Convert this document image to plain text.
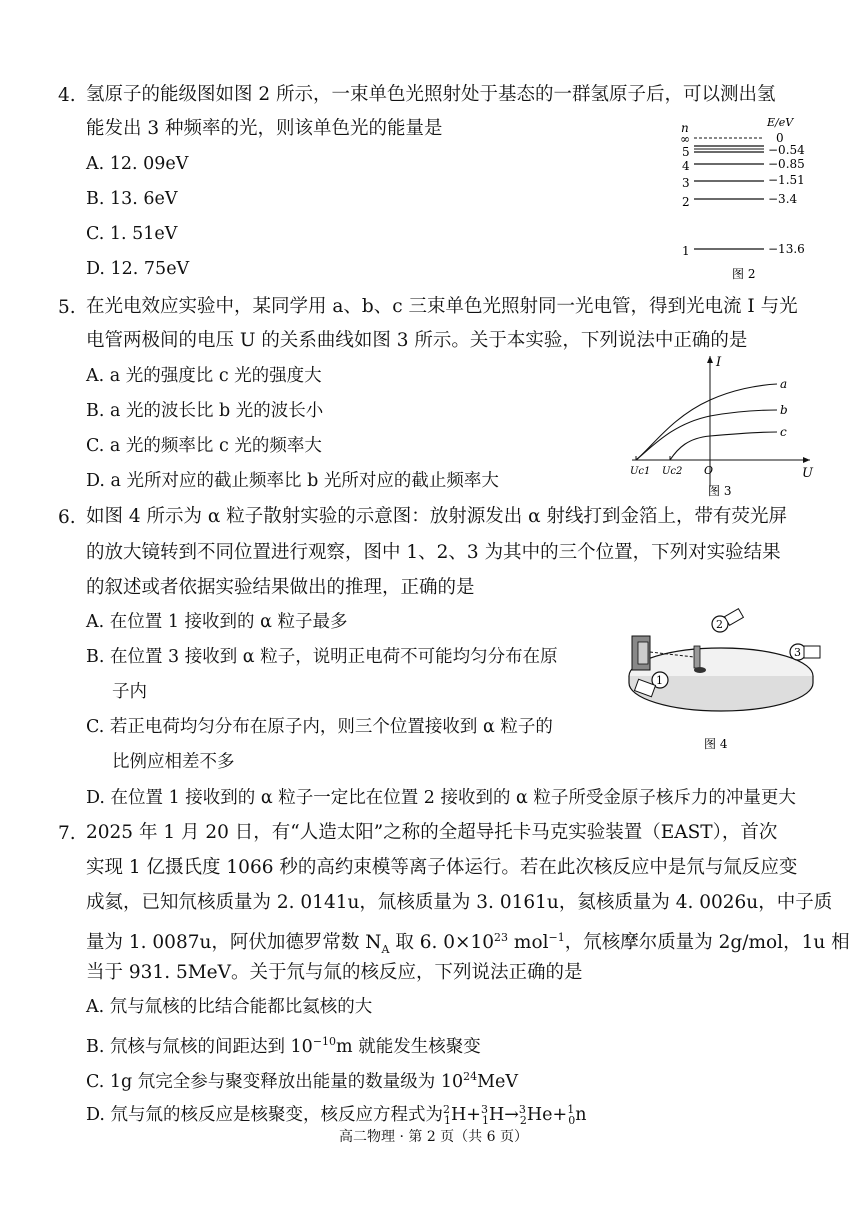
4. 氢原子的能级图如图 2 所示，一束单色光照射处于基态的一群氢原子后，可以测出氢
能发出 3 种频率的光，则该单色光的能量是
A. 12. 09eV
B. 13. 6eV
C. 1. 51eV
D. 12. 75eV
n	E/eV
∞	0
5	−0.54
4	−0.85
3	−1.51
2	−3.4
1	−13.6
图 2
5. 在光电效应实验中，某同学用 a、b、c 三束单色光照射同一光电管，得到光电流 I 与光
电管两极间的电压 U 的关系曲线如图 3 所示。关于本实验，下列说法中正确的是
A. a 光的强度比 c 光的强度大
B. a 光的波长比 b 光的波长小
C. a 光的频率比 c 光的频率大
D. a 光所对应的截止频率比 b 光所对应的截止频率大
I
U
a
b
c
Uc1 Uc2 O
图 3
6. 如图 4 所示为 α 粒子散射实验的示意图：放射源发出 α 射线打到金箔上，带有荧光屏
的放大镜转到不同位置进行观察，图中 1、2、3 为其中的三个位置，下列对实验结果
的叙述或者依据实验结果做出的推理，正确的是
A. 在位置 1 接收到的 α 粒子最多
B. 在位置 3 接收到 α 粒子，说明正电荷不可能均匀分布在原
子内
C. 若正电荷均匀分布在原子内，则三个位置接收到 α 粒子的
比例应相差不多
D. 在位置 1 接收到的 α 粒子一定比在位置 2 接收到的 α 粒子所受金原子核斥力的冲量更大
2
3
1
图 4
7. 2025 年 1 月 20 日，有“人造太阳”之称的全超导托卡马克实验装置（EAST），首次
实现 1 亿摄氏度 1066 秒的高约束模等离子体运行。若在此次核反应中是氘与氚反应变
成氦，已知氘核质量为 2. 0141u，氚核质量为 3. 0161u，氦核质量为 4. 0026u，中子质
量为 1. 0087u，阿伏加德罗常数 $N_A$ 取 6. $0\times 10^{23}$ mol$^{-1}$，氘核摩尔质量为 2g/mol，1u 相
当于 931. 5MeV。关于氘与氚的核反应，下列说法正确的是
A. 氘与氚核的比结合能都比氦核的大
B. 氘核与氚核的间距达到 $10^{-10}m$ 就能发生核聚变
C. 1g 氘完全参与聚变释放出能量的数量级为 $10^{24}MeV$
D. 氘与氚的核反应是核聚变，核反应方程式为$^2_1$H+$^3_1$H→$^3_2$He+$^1_0$n
高二物理 · 第 2 页（共 6 页）
